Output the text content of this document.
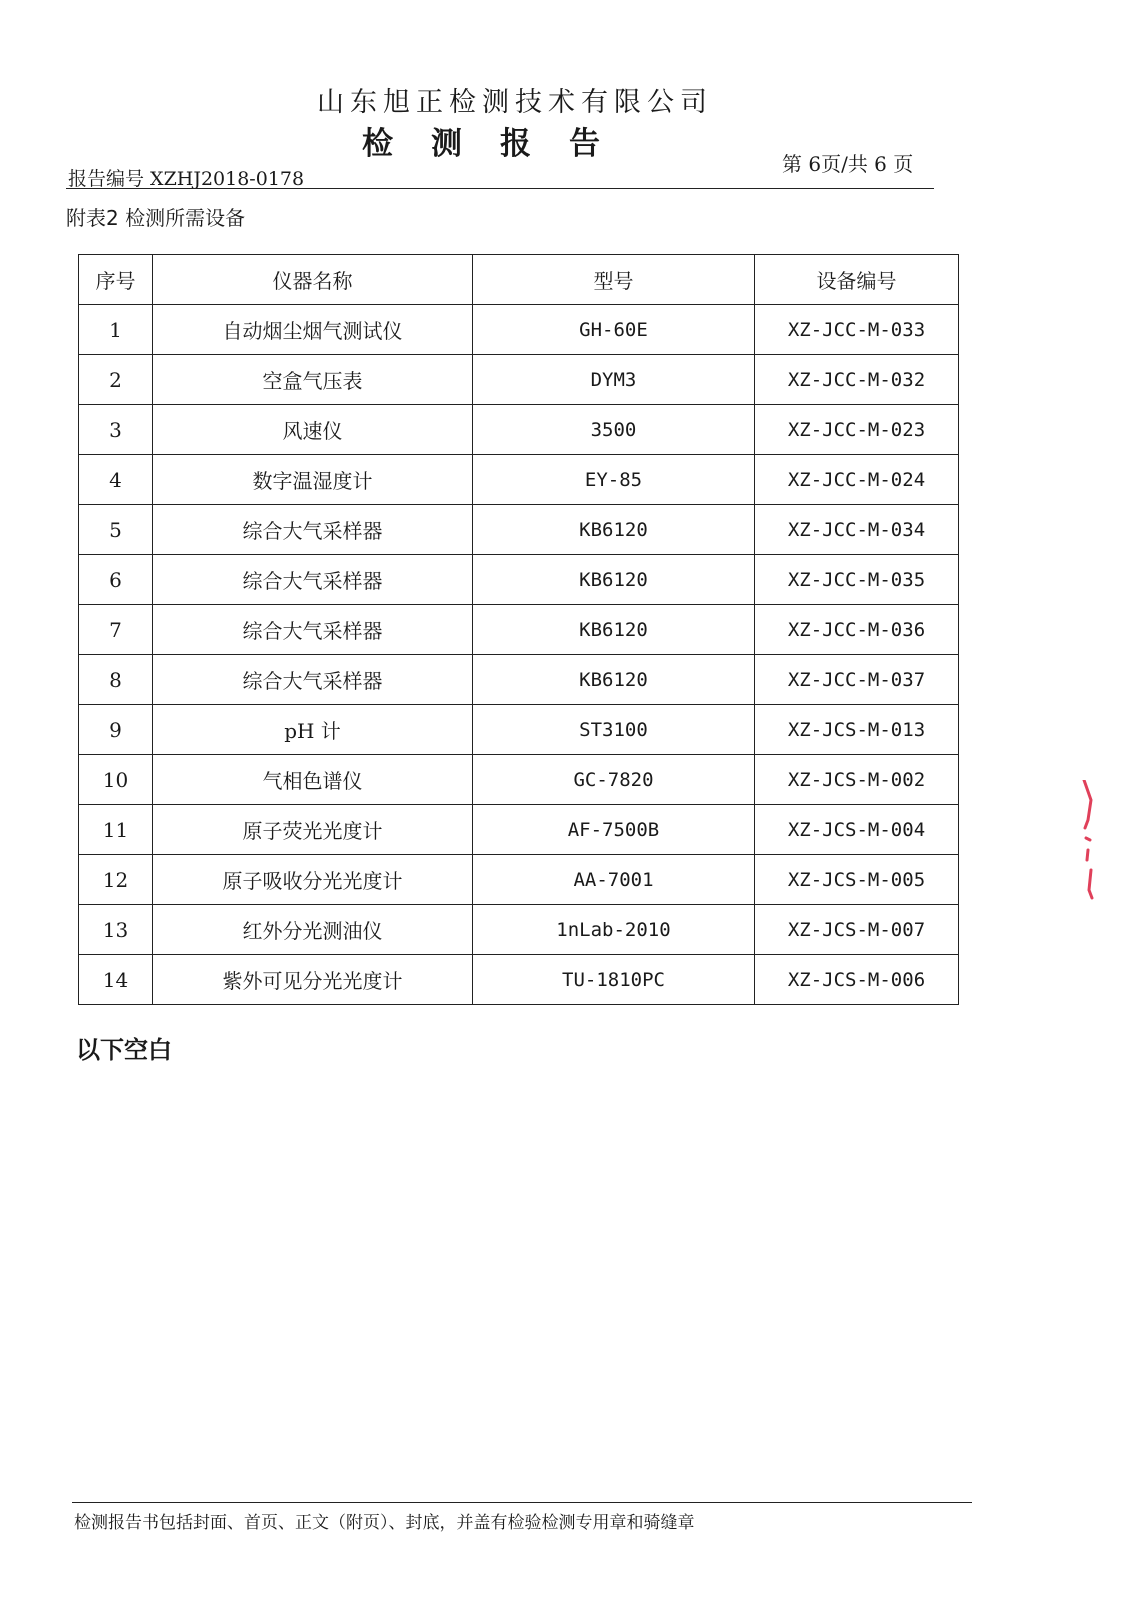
山东旭正检测技术有限公司
检测报告
第 6页/共 6 页
报告编号 XZHJ2018-0178
附表2 检测所需设备
序号	仪器名称	型号	设备编号
1	自动烟尘烟气测试仪	GH-60E	XZ-JCC-M-033
2	空盒气压表	DYM3	XZ-JCC-M-032
3	风速仪	3500	XZ-JCC-M-023
4	数字温湿度计	EY-85	XZ-JCC-M-024
5	综合大气采样器	KB6120	XZ-JCC-M-034
6	综合大气采样器	KB6120	XZ-JCC-M-035
7	综合大气采样器	KB6120	XZ-JCC-M-036
8	综合大气采样器	KB6120	XZ-JCC-M-037
9	pH 计	ST3100	XZ-JCS-M-013
10	气相色谱仪	GC-7820	XZ-JCS-M-002
11	原子荧光光度计	AF-7500B	XZ-JCS-M-004
12	原子吸收分光光度计	AA-7001	XZ-JCS-M-005
13	红外分光测油仪	1nLab-2010	XZ-JCS-M-007
14	紫外可见分光光度计	TU-1810PC	XZ-JCS-M-006
以下空白
检测报告书包括封面、首页、正文（附页）、封底，并盖有检验检测专用章和骑缝章
